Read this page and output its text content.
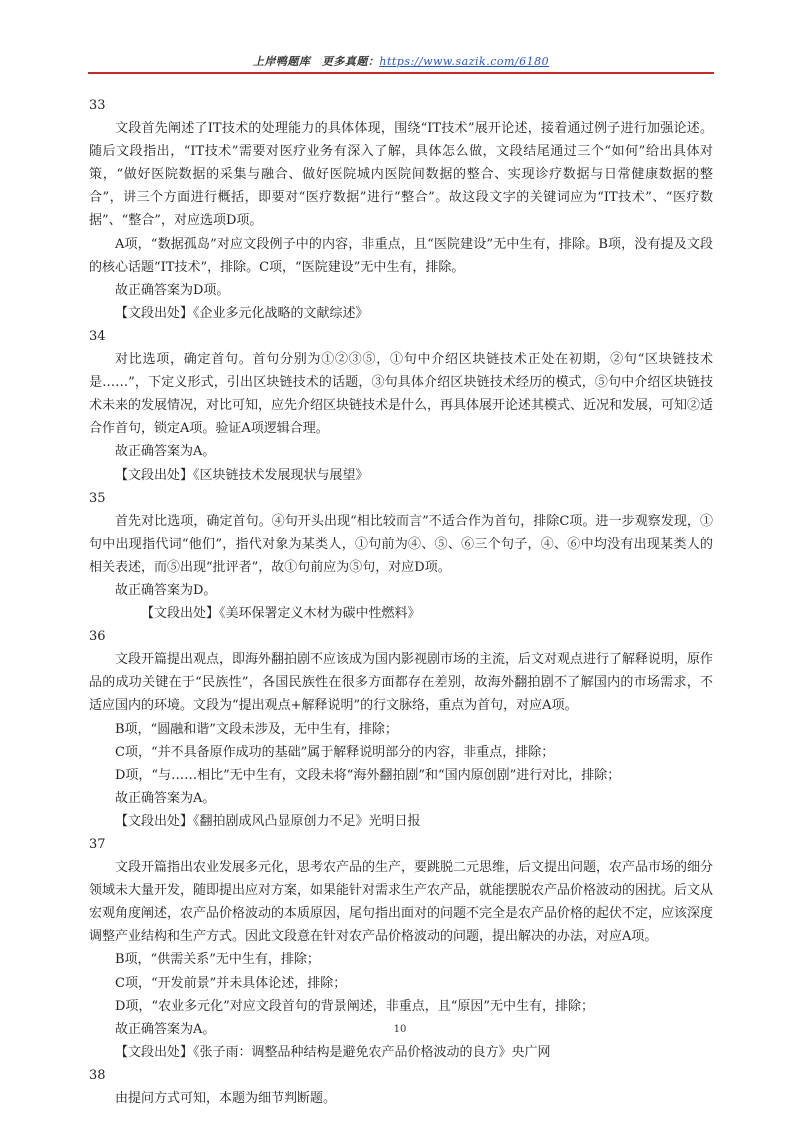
上岸鸭题库　更多真题：https://www.sazik.com/6180

33

文段首先阐述了IT技术的处理能力的具体体现，围绕“IT技术”展开论述，接着通过例子进行加强论述。随后文段指出，“IT技术”需要对医疗业务有深入了解，具体怎么做，文段结尾通过三个“如何”给出具体对策，“做好医院数据的采集与融合、做好医院城内医院间数据的整合、实现诊疗数据与日常健康数据的整合”，讲三个方面进行概括，即要对“医疗数据”进行“整合”。故这段文字的关键词应为“IT技术”、“医疗数据”、“整合”，对应选项D项。

A项，“数据孤岛”对应文段例子中的内容，非重点，且“医院建设”无中生有，排除。B项，没有提及文段的核心话题“IT技术”，排除。C项，“医院建设”无中生有，排除。

故正确答案为D项。

【文段出处】《企业多元化战略的文献综述》

34

对比选项，确定首句。首句分别为①②③⑤，①句中介绍区块链技术正处在初期，②句“区块链技术是……”，下定义形式，引出区块链技术的话题，③句具体介绍区块链技术经历的模式，⑤句中介绍区块链技术未来的发展情况，对比可知，应先介绍区块链技术是什么，再具体展开论述其模式、近况和发展，可知②适合作首句，锁定A项。验证A项逻辑合理。

故正确答案为A。

【文段出处】《区块链技术发展现状与展望》

35

首先对比选项，确定首句。④句开头出现“相比较而言”不适合作为首句，排除C项。进一步观察发现，①句中出现指代词“他们”，指代对象为某类人，①句前为④、⑤、⑥三个句子，④、⑥中均没有出现某类人的相关表述，而⑤出现“批评者”，故①句前应为⑤句，对应D项。

故正确答案为D。

【文段出处】《美环保署定义木材为碳中性燃料》

36

文段开篇提出观点，即海外翻拍剧不应该成为国内影视剧市场的主流，后文对观点进行了解释说明，原作品的成功关键在于“民族性”，各国民族性在很多方面都存在差别，故海外翻拍剧不了解国内的市场需求，不适应国内的环境。文段为“提出观点+解释说明”的行文脉络，重点为首句，对应A项。

B项，“圆融和谐”文段未涉及，无中生有，排除；

C项，“并不具备原作成功的基础”属于解释说明部分的内容，非重点，排除；

D项，“与……相比”无中生有，文段未将“海外翻拍剧”和“国内原创剧”进行对比，排除；

故正确答案为A。

【文段出处】《翻拍剧成风凸显原创力不足》光明日报

37

文段开篇指出农业发展多元化，思考农产品的生产，要跳脱二元思维，后文提出问题，农产品市场的细分领域未大量开发，随即提出应对方案，如果能针对需求生产农产品，就能摆脱农产品价格波动的困扰。后文从宏观角度阐述，农产品价格波动的本质原因，尾句指出面对的问题不完全是农产品价格的起伏不定，应该深度调整产业结构和生产方式。因此文段意在针对农产品价格波动的问题，提出解决的办法，对应A项。

B项，“供需关系”无中生有，排除；

C项，“开发前景”并未具体论述，排除；

D项，“农业多元化”对应文段首句的背景阐述，非重点，且“原因”无中生有，排除；

故正确答案为A。

【文段出处】《张子雨：调整品种结构是避免农产品价格波动的良方》央广网

38

由提问方式可知，本题为细节判断题。

10
